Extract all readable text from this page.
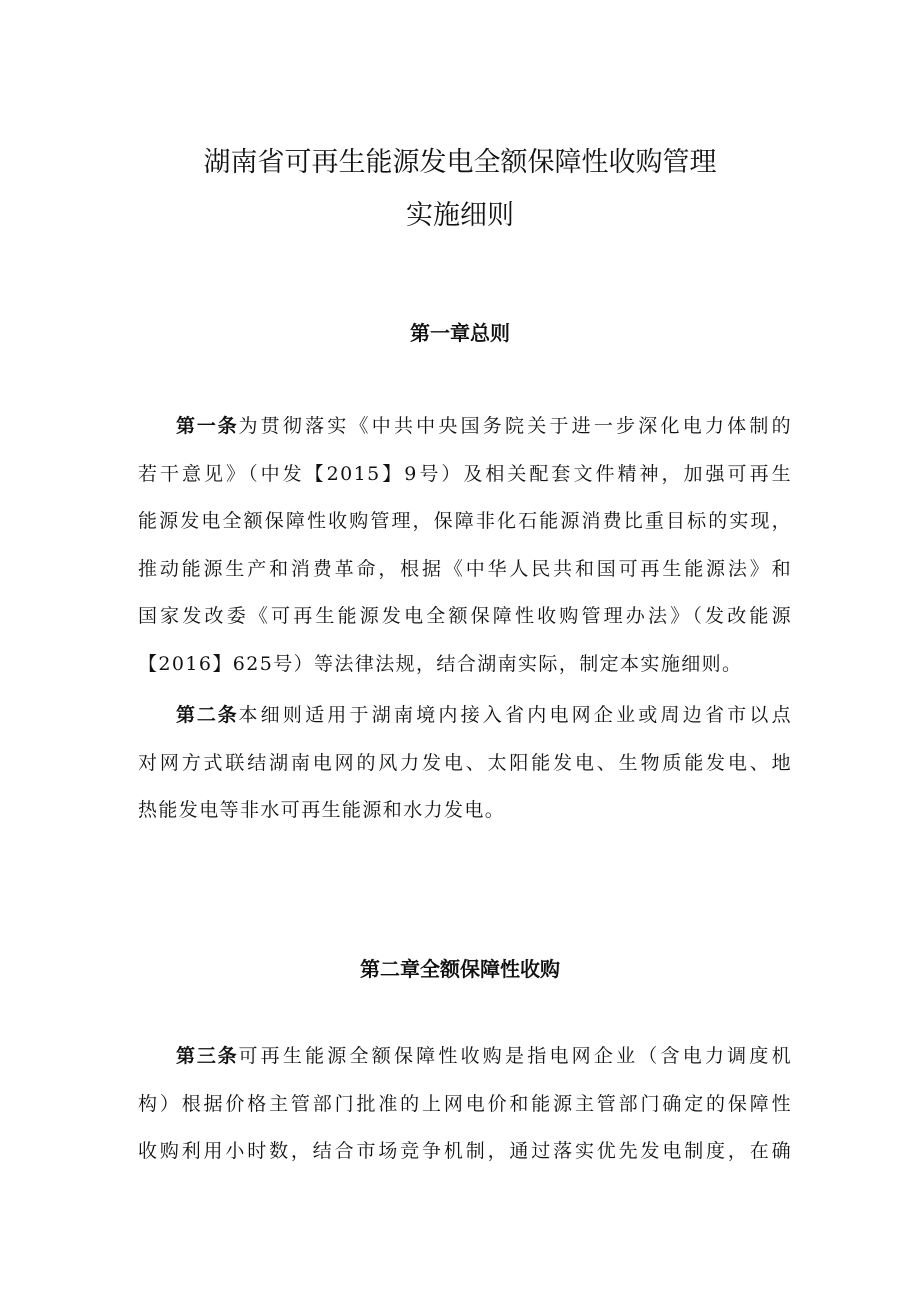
湖南省可再生能源发电全额保障性收购管理
实施细则
第一章总则
第一条为贯彻落实《中共中央国务院关于进一步深化电力体制的
若干意见》（中发【2015】9号）及相关配套文件精神，加强可再生
能源发电全额保障性收购管理，保障非化石能源消费比重目标的实现，
推动能源生产和消费革命，根据《中华人民共和国可再生能源法》和
国家发改委《可再生能源发电全额保障性收购管理办法》（发改能源
【2016】625号）等法律法规，结合湖南实际，制定本实施细则。
第二条本细则适用于湖南境内接入省内电网企业或周边省市以点
对网方式联结湖南电网的风力发电、太阳能发电、生物质能发电、地
热能发电等非水可再生能源和水力发电。
第二章全额保障性收购
第三条可再生能源全额保障性收购是指电网企业（含电力调度机
构）根据价格主管部门批准的上网电价和能源主管部门确定的保障性
收购利用小时数，结合市场竞争机制，通过落实优先发电制度，在确
